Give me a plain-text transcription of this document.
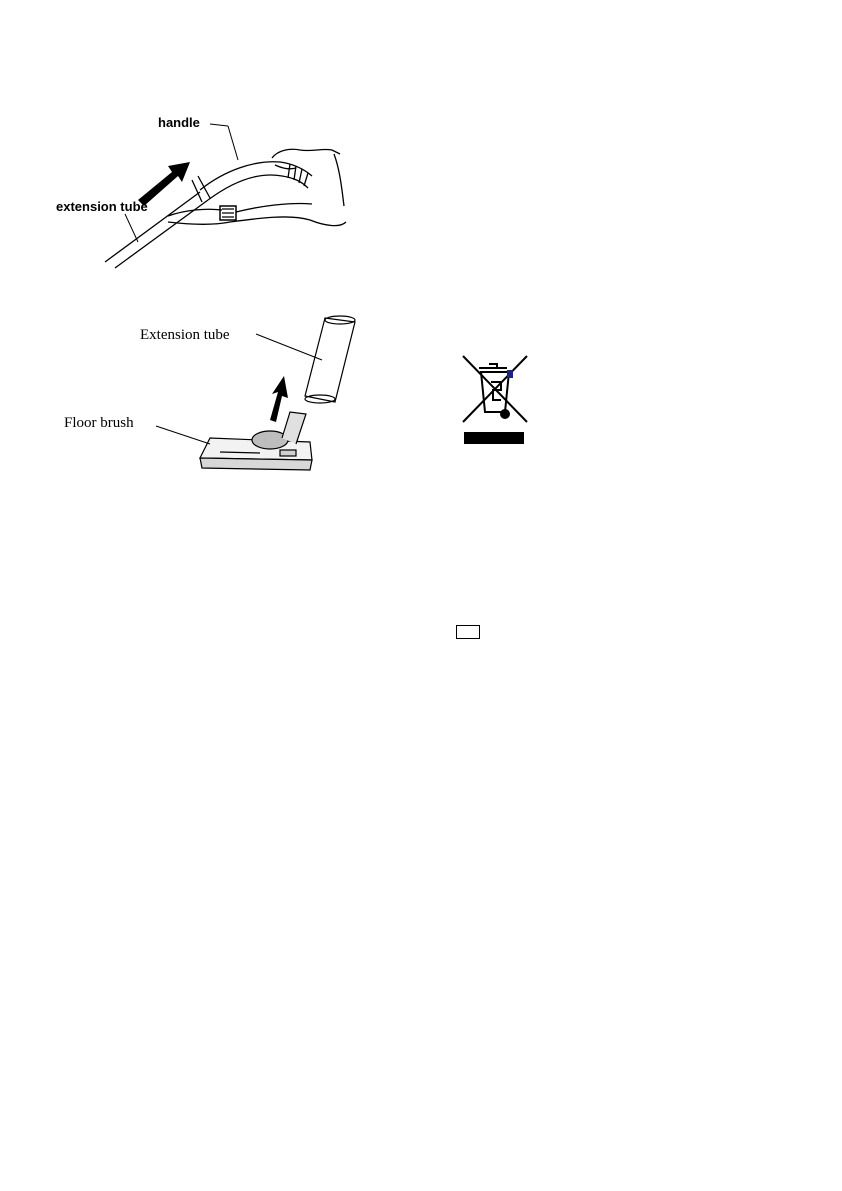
handle
extension tube
Extension tube
Floor brush
